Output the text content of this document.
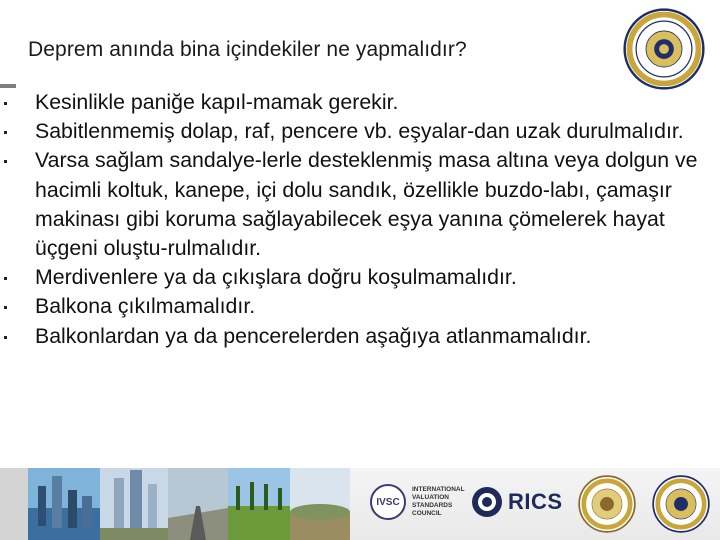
Deprem anında bina içindekiler ne yapmalıdır?
Kesinlikle paniğe kapıl-mamak gerekir.
Sabitlenmemiş dolap, raf, pencere vb. eşyalar-dan uzak durulmalıdır.
Varsa sağlam sandalye-lerle desteklenmiş masa altına veya dolgun ve hacimli koltuk, kanepe, içi dolu sandık, özellikle buzdo-labı, çamaşır makinası gibi koruma sağlayabilecek eşya yanına çömelerek hayat üçgeni oluştu-rulmalıdır.
Merdivenlere ya da çıkışlara doğru koşulmamalıdır.
Balkona çıkılmamalıdır.
Balkonlardan ya da pencerelerden aşağıya atlanmamalıdır.
IVSC
INTERNATIONAL
VALUATION
STANDARDS
COUNCIL	RICS
